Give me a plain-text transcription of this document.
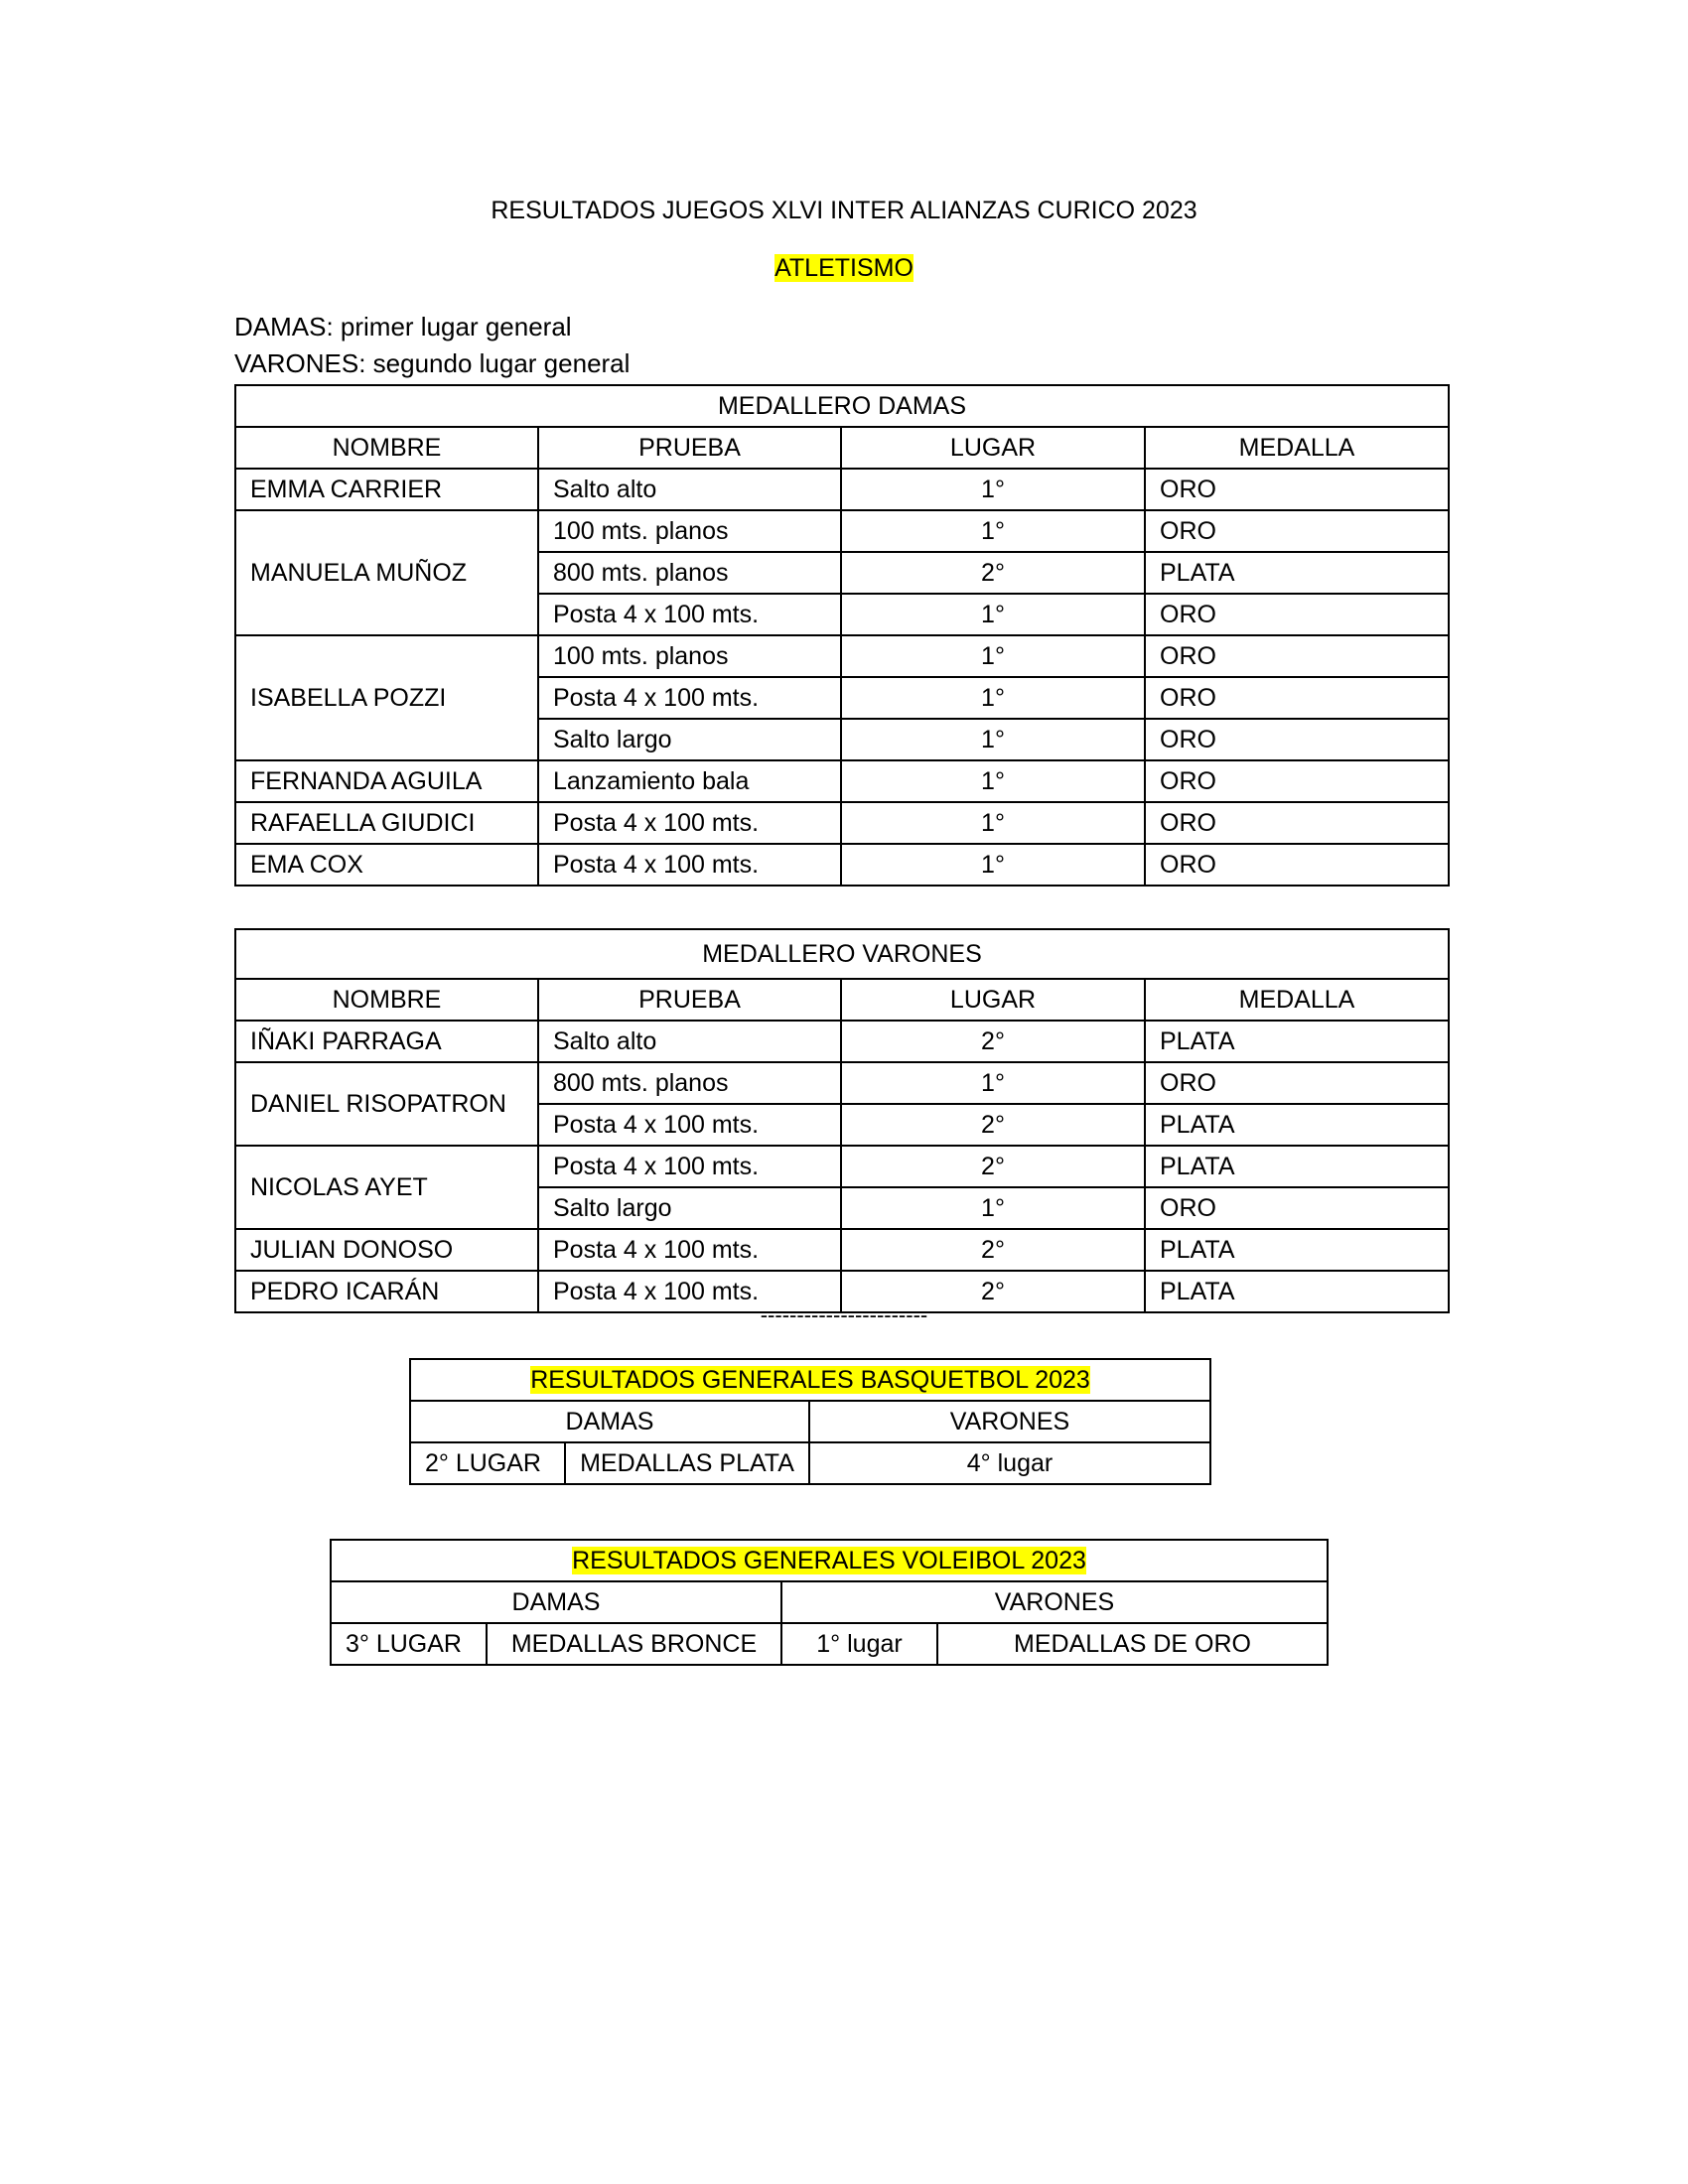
RESULTADOS JUEGOS XLVI INTER ALIANZAS CURICO 2023
ATLETISMO
DAMAS: primer lugar general
VARONES: segundo lugar general
MEDALLERO DAMAS			
NOMBRE	PRUEBA	LUGAR	MEDALLA
EMMA CARRIER	Salto alto	1°	ORO
MANUELA MUÑOZ	100 mts. planos	1°	ORO
	800 mts. planos	2°	PLATA
	Posta 4 x 100 mts.	1°	ORO
ISABELLA POZZI	100 mts. planos	1°	ORO
	Posta 4 x 100 mts.	1°	ORO
	Salto largo	1°	ORO
FERNANDA AGUILA	Lanzamiento bala	1°	ORO
RAFAELLA GIUDICI	Posta 4 x 100 mts.	1°	ORO
EMA COX	Posta 4 x 100 mts.	1°	ORO
MEDALLERO VARONES			
NOMBRE	PRUEBA	LUGAR	MEDALLA
IÑAKI PARRAGA	Salto alto	2°	PLATA
DANIEL RISOPATRON	800 mts. planos	1°	ORO
	Posta 4 x 100 mts.	2°	PLATA
NICOLAS AYET	Posta 4 x 100 mts.	2°	PLATA
	Salto largo	1°	ORO
JULIAN DONOSO	Posta 4 x 100 mts.	2°	PLATA
PEDRO ICARÁN	Posta 4 x 100 mts.	2°	PLATA
-----------------------
RESULTADOS GENERALES BASQUETBOL 2023		
DAMAS		VARONES
2° LUGAR	MEDALLAS PLATA	4° lugar
RESULTADOS GENERALES VOLEIBOL 2023			
DAMAS		VARONES	
3° LUGAR	MEDALLAS BRONCE	1° lugar	MEDALLAS DE ORO
